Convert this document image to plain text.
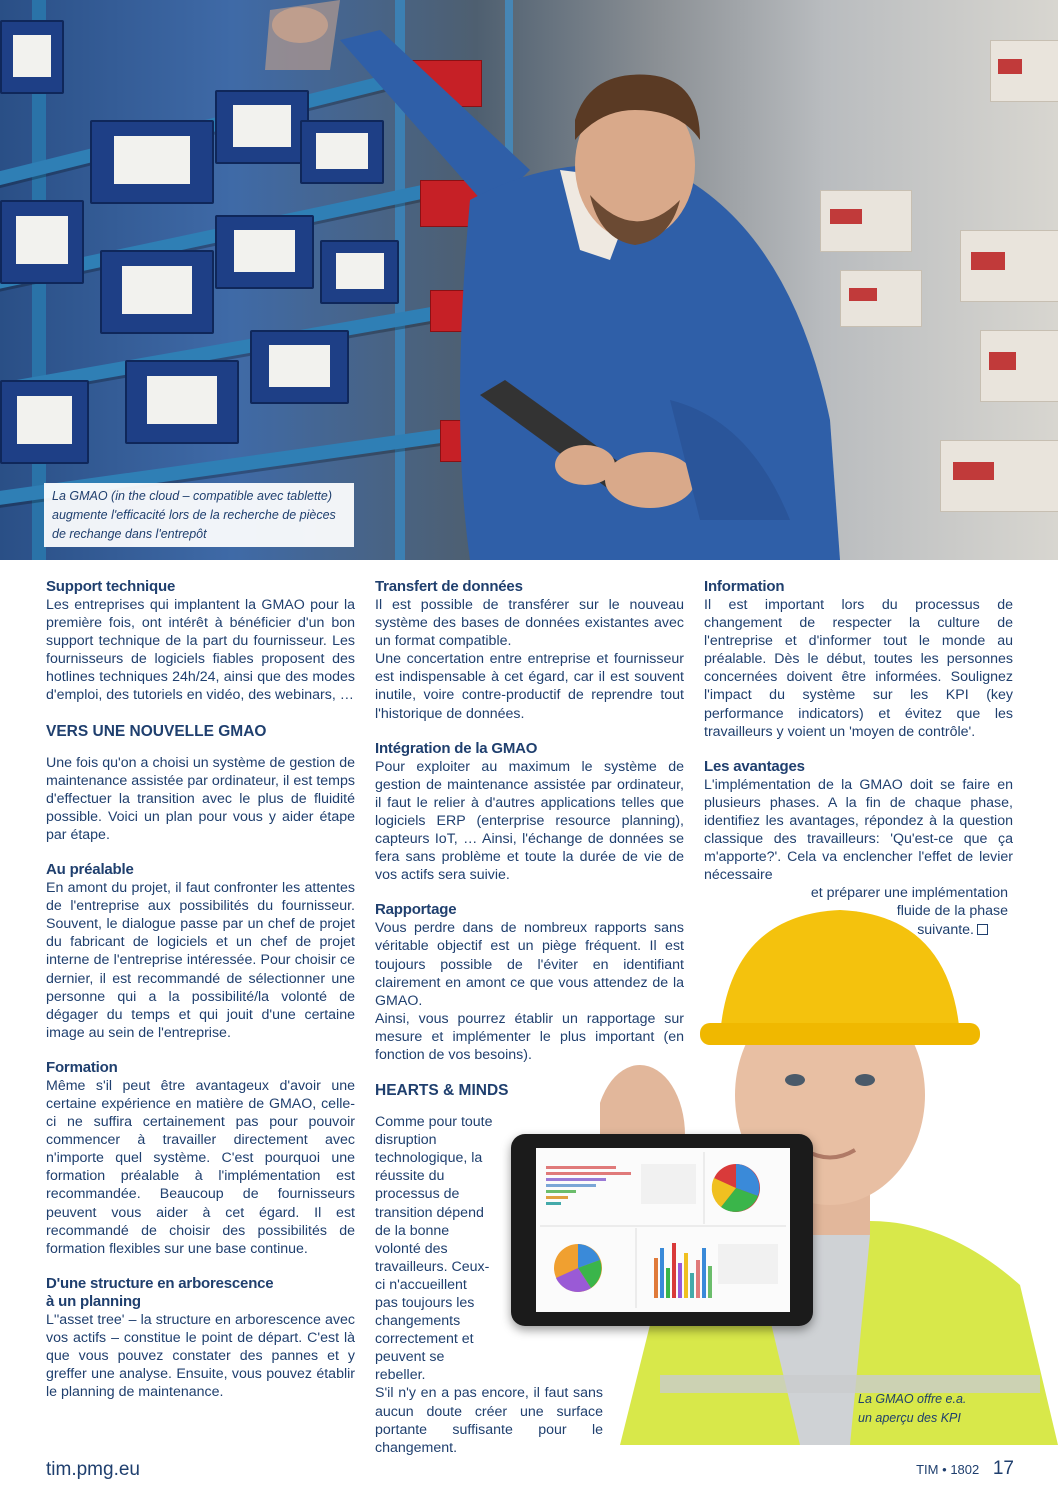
La GMAO (in the cloud – compatible avec tablette)

augmente l'efficacité lors de la recherche de pièces

de rechange dans l'entrepôt

Support technique

Les entreprises qui implantent la GMAO pour la première fois, ont intérêt à bénéficier d'un bon support technique de la part du fournisseur. Les fournisseurs de logiciels fiables proposent des hotlines techniques 24h/24, ainsi que des modes d'emploi, des tutoriels en vidéo, des webinars, …

VERS UNE NOUVELLE GMAO

Une fois qu'on a choisi un système de gestion de maintenance assistée par ordinateur, il est temps d'effectuer la transition avec le plus de fluidité possible. Voici un plan pour vous y aider étape par étape.

Au préalable

En amont du projet, il faut confronter les attentes de l'entreprise aux possibilités du fournisseur. Souvent, le dialogue passe par un chef de projet du fabricant de logiciels et un chef de projet interne de l'entreprise intéressée. Pour choisir ce dernier, il est recommandé de sélectionner une personne qui a la possibilité/la volonté de dégager du temps et qui jouit d'une certaine image au sein de l'entreprise.

Formation

Même s'il peut être avantageux d'avoir une certaine expérience en matière de GMAO, celle-ci ne suffira certainement pas pour pouvoir commencer à travailler directement avec n'importe quel système. C'est pourquoi une formation préalable à l'implémentation est recommandée. Beaucoup de fournisseurs peuvent vous aider à cet égard. Il est recommandé de choisir des possibilités de formation flexibles sur une base continue.

D'une structure en arborescence
à un planning

L''asset tree' – la structure en arborescence avec vos actifs – constitue le point de départ. C'est là que vous pouvez constater des pannes et y greffer une analyse. Ensuite, vous pouvez établir le planning de maintenance.

Transfert de données

Il est possible de transférer sur le nouveau système des bases de données existantes avec un format compatible.

Une concertation entre entreprise et fournisseur est indispensable à cet égard, car il est souvent inutile, voire contre-productif de reprendre tout l'historique de données.

Intégration de la GMAO

Pour exploiter au maximum le système de gestion de maintenance assistée par ordinateur, il faut le relier à d'autres applications telles que logiciels ERP (enterprise resource planning), capteurs IoT, … Ainsi, l'échange de données se fera sans problème et toute la durée de vie de vos actifs sera suivie.

Rapportage

Vous perdre dans de nombreux rapports sans véritable objectif est un piège fréquent. Il est toujours possible de l'éviter en identifiant clairement en amont ce que vous attendez de la GMAO.

Ainsi, vous pourrez établir un rapportage sur mesure et implémenter le plus important (en fonction de vos besoins).

HEARTS & MINDS

Comme pour toute disruption technologique, la réussite du processus de transition dépend de la bonne volonté des travailleurs. Ceux-ci n'accueillent pas toujours les changements correctement et peuvent se rebeller.

S'il n'y en a pas encore, il faut sans aucun doute créer une surface portante suffisante pour le changement.

Information

Il est important lors du processus de changement de respecter la culture de l'entreprise et d'informer tout le monde au préalable. Dès le début, toutes les personnes concernées doivent être informées. Soulignez l'impact du système sur les KPI (key performance indicators) et évitez que les travailleurs y voient un 'moyen de contrôle'.

Les avantages

L'implémentation de la GMAO doit se faire en plusieurs phases. A la fin de chaque phase, identifiez les avantages, répondez à la question classique des travailleurs: 'Qu'est-ce que ça m'apporte?'. Cela va enclencher l'effet de levier nécessaire

et préparer une implémentation

fluide de la phase

suivante.

La GMAO offre e.a.
un aperçu des KPI
tim.pmg.eu	TIM • 1802 17
